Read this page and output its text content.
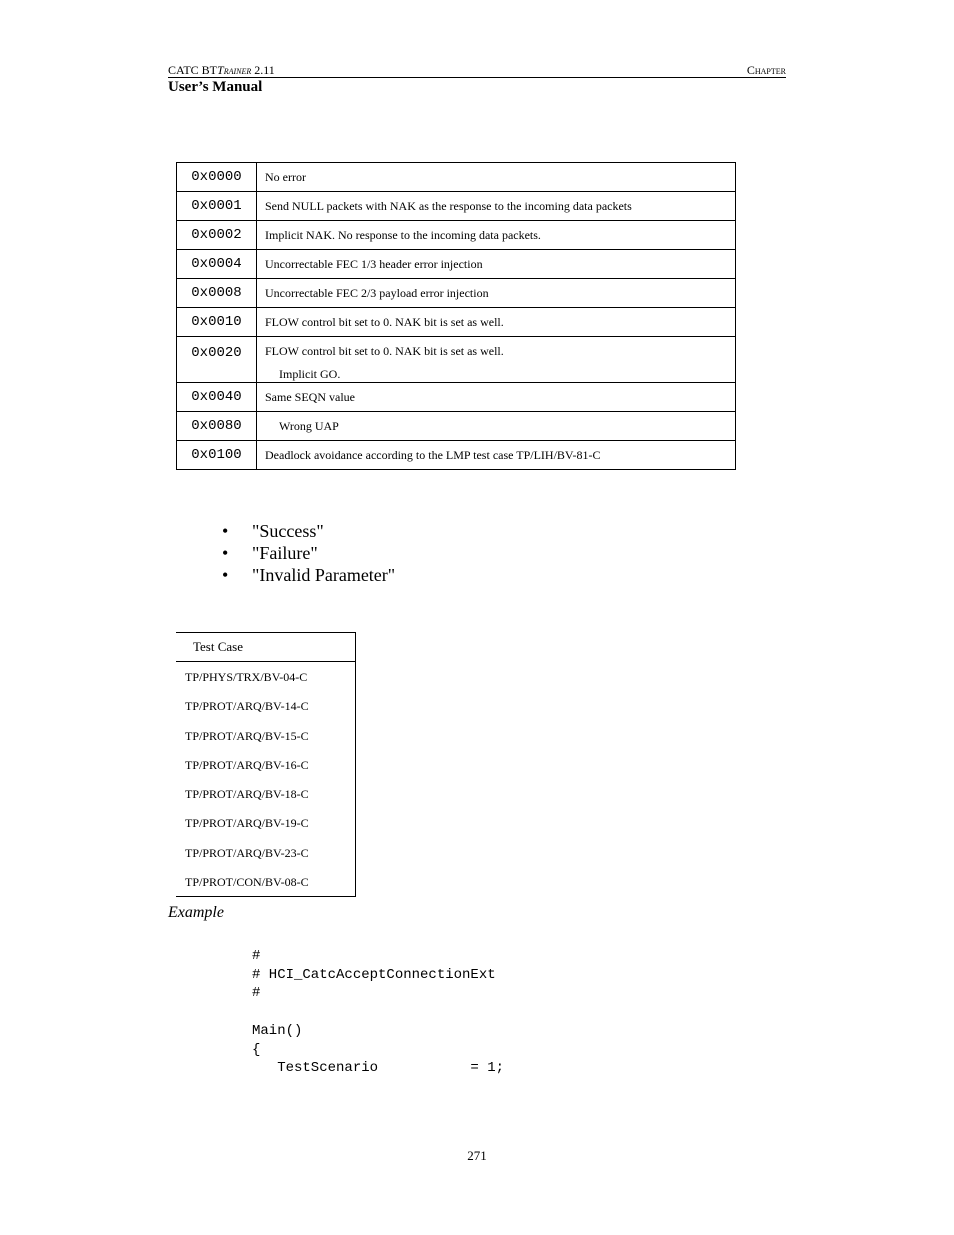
CATC BTTrainer 2.11	Chapter
User’s Manual
0x0000	No error
0x0001	Send NULL packets with NAK as the response to the incoming data packets
0x0002	Implicit NAK. No response to the incoming data packets.
0x0004	Uncorrectable FEC 1/3 header error injection
0x0008	Uncorrectable FEC 2/3 payload error injection
0x0010	FLOW control bit set to 0. NAK bit is set as well.
0x0020	FLOW control bit set to 0. NAK bit is set as well.
Implicit GO.

0x0040	Same SEQN value
0x0080	Wrong UAP
0x0100	Deadlock avoidance according to the LMP test case TP/LIH/BV-81-C
• "Success"
• "Failure"
• "Invalid Parameter"
Test Case
TP/PHYS/TRX/BV-04-C
TP/PROT/ARQ/BV-14-C
TP/PROT/ARQ/BV-15-C
TP/PROT/ARQ/BV-16-C
TP/PROT/ARQ/BV-18-C
TP/PROT/ARQ/BV-19-C
TP/PROT/ARQ/BV-23-C
TP/PROT/CON/BV-08-C
Example
#
# HCI_CatcAcceptConnectionExt
#
Main()
{
TestScenario           = 1;
271
